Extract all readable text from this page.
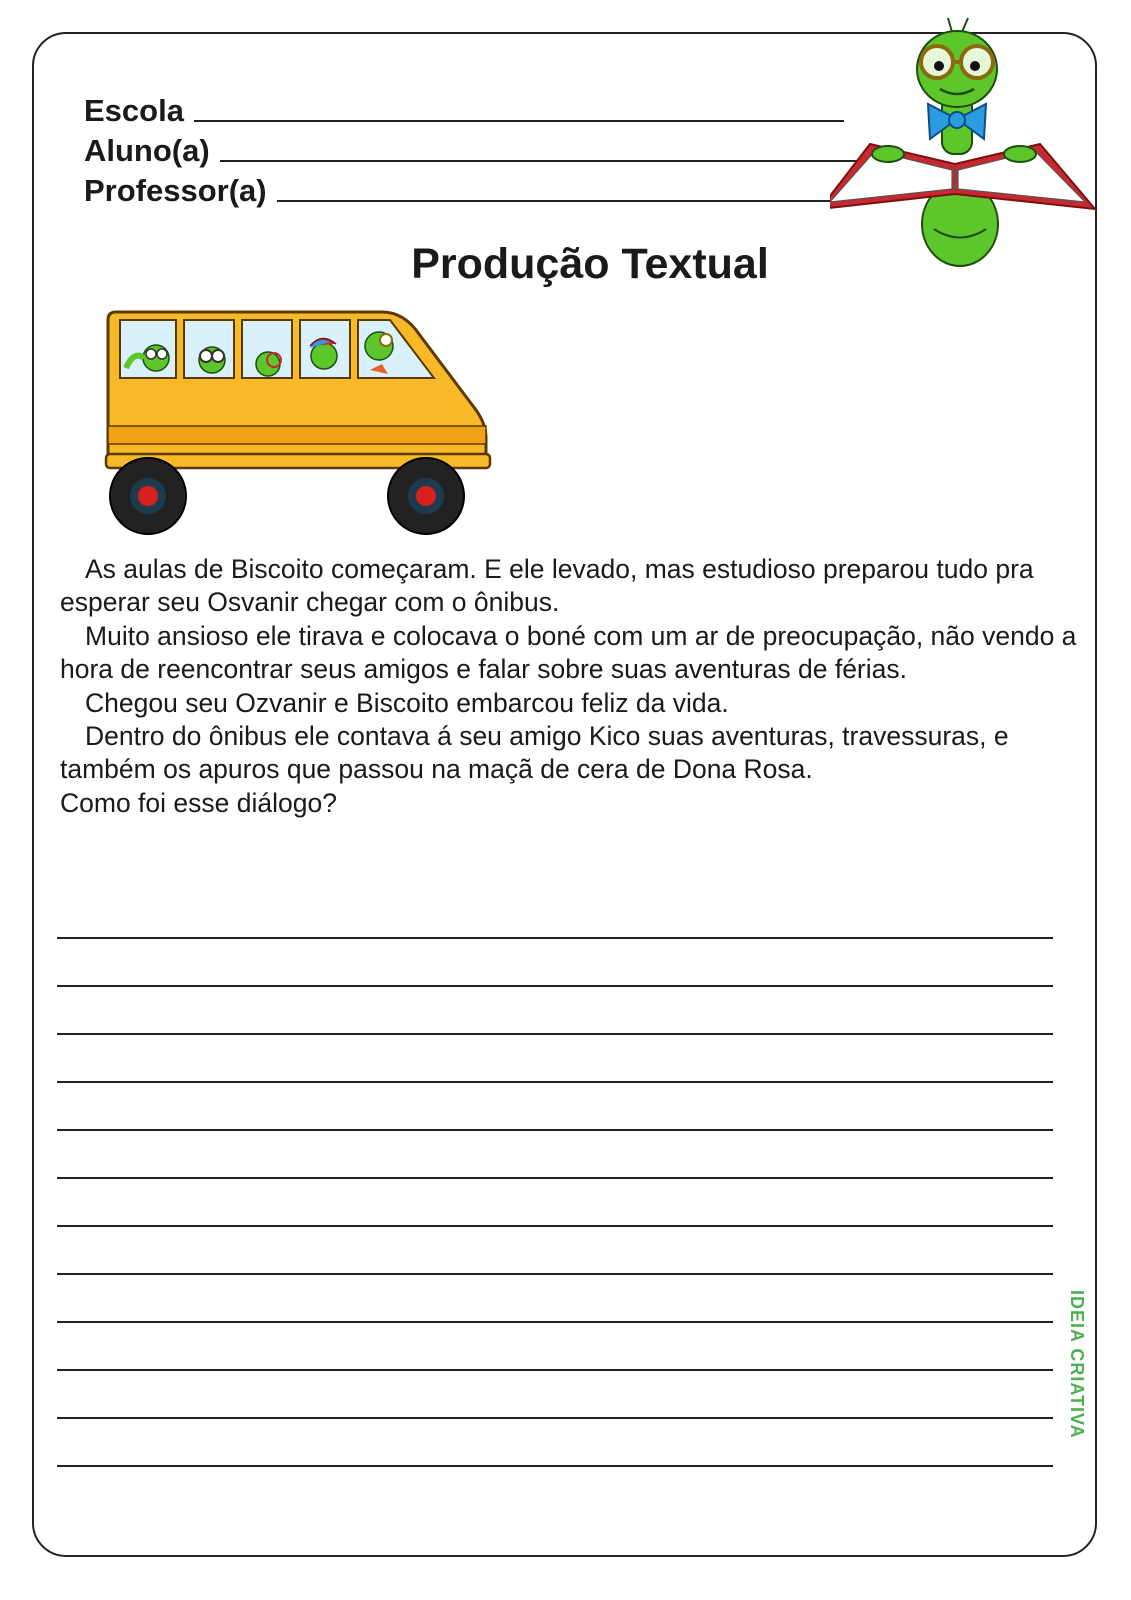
Escola
Aluno(a)
Professor(a)
Produção Textual

As aulas de Biscoito começaram. E ele levado, mas estudioso preparou tudo pra esperar seu Osvanir chegar com o ônibus.

Muito ansioso ele tirava e colocava o boné com um ar de preocupação, não vendo a hora de reencontrar seus amigos e falar sobre suas aventuras de férias.

Chegou seu Ozvanir e Biscoito embarcou feliz da vida.

Dentro do ônibus ele contava á seu amigo Kico suas aventuras, travessuras, e também os apuros que passou na maçã de cera de Dona Rosa.

Como foi esse diálogo?

IDEIA CRIATIVA
